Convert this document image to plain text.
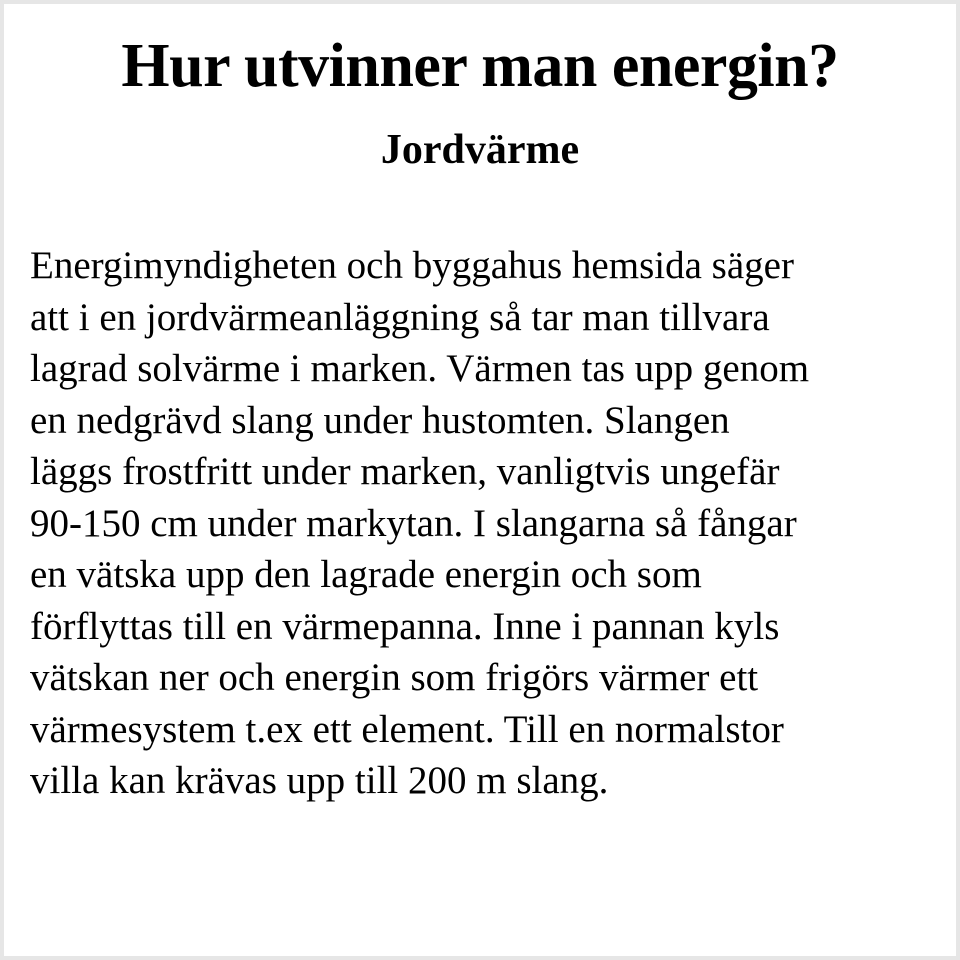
Hur utvinner man energin?
Jordvärme

Energimyndigheten och byggahus hemsida säger
att i en jordvärmeanläggning så tar man tillvara
lagrad solvärme i marken. Värmen tas upp genom
en nedgrävd slang under hustomten. Slangen
läggs frostfritt under marken, vanligtvis ungefär
90-150 cm under markytan. I slangarna så fångar
en vätska upp den lagrade energin och som
förflyttas till en värmepanna. Inne i pannan kyls
vätskan ner och energin som frigörs värmer ett
värmesystem t.ex ett element. Till en normalstor
villa kan krävas upp till 200 m slang.
